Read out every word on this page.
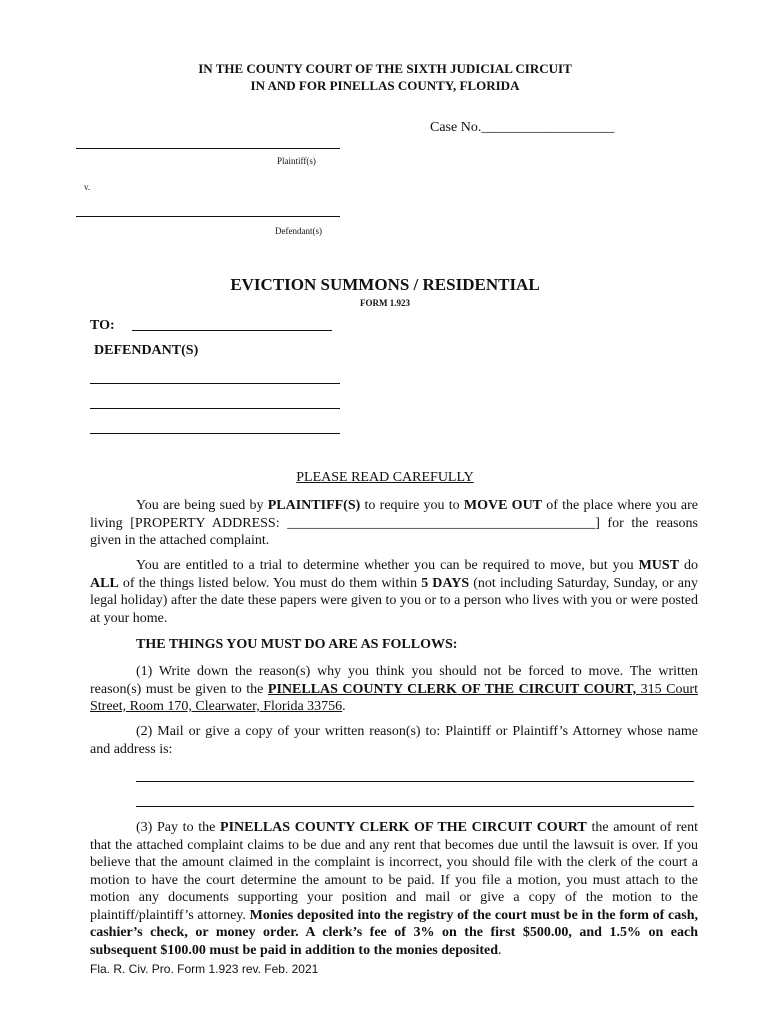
IN THE COUNTY COURT OF THE SIXTH JUDICIAL CIRCUIT
IN AND FOR PINELLAS COUNTY, FLORIDA
Case No.___________________
Plaintiff(s)
v.
Defendant(s)
EVICTION SUMMONS / RESIDENTIAL
FORM 1.923
TO:
DEFENDANT(S)
PLEASE READ CAREFULLY
You are being sued by PLAINTIFF(S) to require you to MOVE OUT of the place where you are living [PROPERTY ADDRESS: ____________________________________________] for the reasons given in the attached complaint.
You are entitled to a trial to determine whether you can be required to move, but you MUST do ALL of the things listed below. You must do them within 5 DAYS (not including Saturday, Sunday, or any legal holiday) after the date these papers were given to you or to a person who lives with you or were posted at your home.
THE THINGS YOU MUST DO ARE AS FOLLOWS:
(1) Write down the reason(s) why you think you should not be forced to move. The written reason(s) must be given to the PINELLAS COUNTY CLERK OF THE CIRCUIT COURT, 315 Court Street, Room 170, Clearwater, Florida 33756.
(2) Mail or give a copy of your written reason(s) to: Plaintiff or Plaintiff’s Attorney whose name and address is:
(3) Pay to the PINELLAS COUNTY CLERK OF THE CIRCUIT COURT the amount of rent that the attached complaint claims to be due and any rent that becomes due until the lawsuit is over. If you believe that the amount claimed in the complaint is incorrect, you should file with the clerk of the court a motion to have the court determine the amount to be paid. If you file a motion, you must attach to the motion any documents supporting your position and mail or give a copy of the motion to the plaintiff/plaintiff’s attorney. Monies deposited into the registry of the court must be in the form of cash, cashier’s check, or money order. A clerk’s fee of 3% on the first $500.00, and 1.5% on each subsequent $100.00 must be paid in addition to the monies deposited.
Fla. R. Civ. Pro. Form 1.923 rev. Feb. 2021
